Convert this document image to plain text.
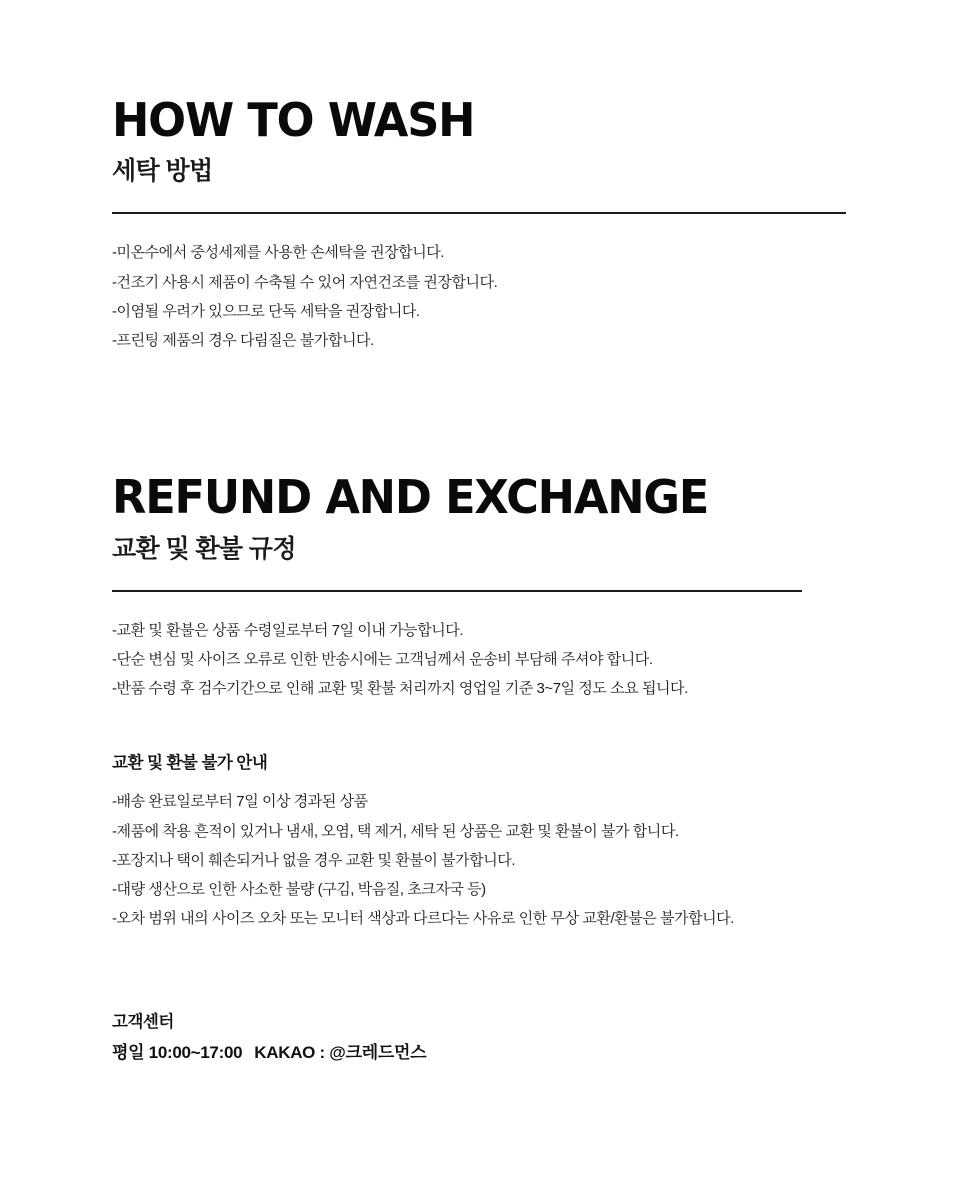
HOW TO WASH
세탁 방법
-미온수에서 중성세제를 사용한 손세탁을 권장합니다.
-건조기 사용시 제품이 수축될 수 있어 자연건조를 권장합니다.
-이염될 우려가 있으므로 단독 세탁을 권장합니다.
-프린팅 제품의 경우 다림질은 불가합니다.
REFUND AND EXCHANGE
교환 및 환불 규정
-교환 및 환불은 상품 수령일로부터 7일 이내 가능합니다.
-단순 변심 및 사이즈 오류로 인한 반송시에는 고객님께서 운송비 부담해 주셔야 합니다.
-반품 수령 후 검수기간으로 인해 교환 및 환불 처리까지 영업일 기준 3~7일 정도 소요 됩니다.
교환 및 환불 불가 안내
-배송 완료일로부터 7일 이상 경과된 상품
-제품에 착용 흔적이 있거나 냄새, 오염, 택 제거, 세탁 된 상품은 교환 및 환불이 불가 합니다.
-포장지나 택이 훼손되거나 없을 경우 교환 및 환불이 불가합니다.
-대량 생산으로 인한 사소한 불량 (구김, 박음질, 초크자국 등)
-오차 범위 내의 사이즈 오차 또는 모니터 색상과 다르다는 사유로 인한 무상 교환/환불은 불가합니다.

고객센터

평일 10:00~17:00 KAKAO : @크레드먼스
